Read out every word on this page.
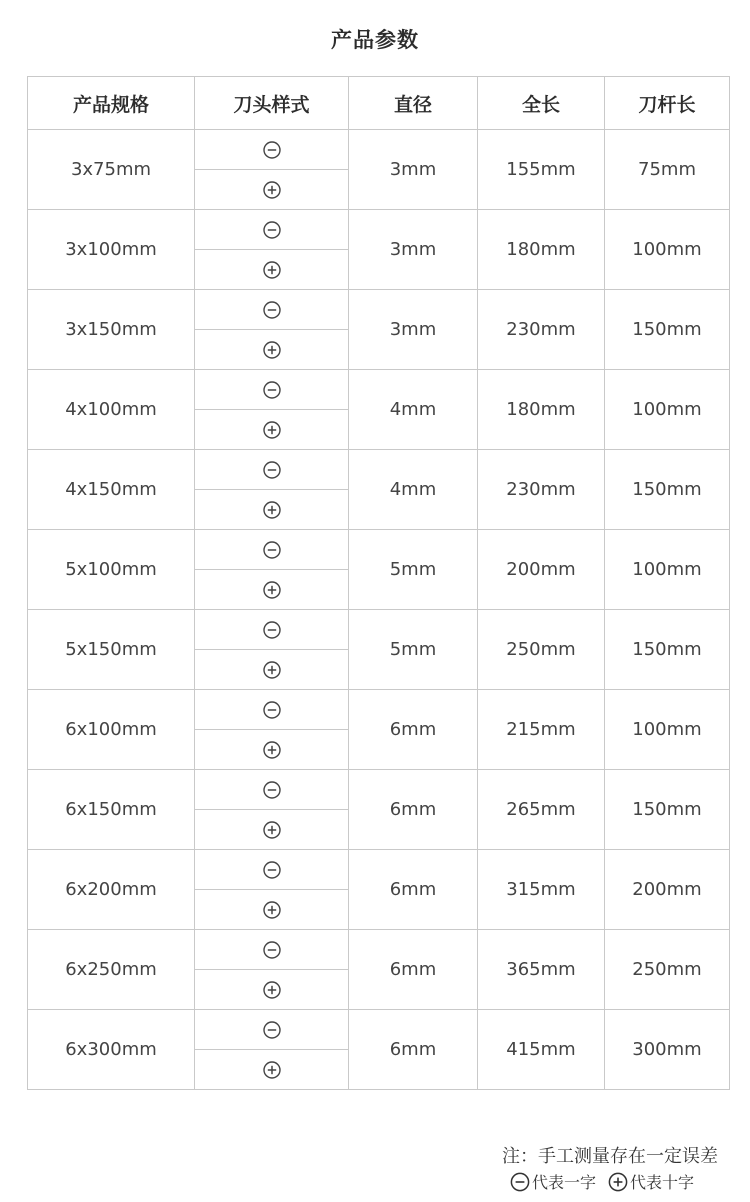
产品参数
产品规格	刀头样式	直径	全长	刀杆长
3x75mm		3mm	155mm	75mm

3x100mm		3mm	180mm	100mm

3x150mm		3mm	230mm	150mm

4x100mm		4mm	180mm	100mm

4x150mm		4mm	230mm	150mm

5x100mm		5mm	200mm	100mm

5x150mm		5mm	250mm	150mm

6x100mm		6mm	215mm	100mm

6x150mm		6mm	265mm	150mm

6x200mm		6mm	315mm	200mm

6x250mm		6mm	365mm	250mm

6x300mm		6mm	415mm	300mm

注：手工测量存在一定误差
代表一字 代表十字
